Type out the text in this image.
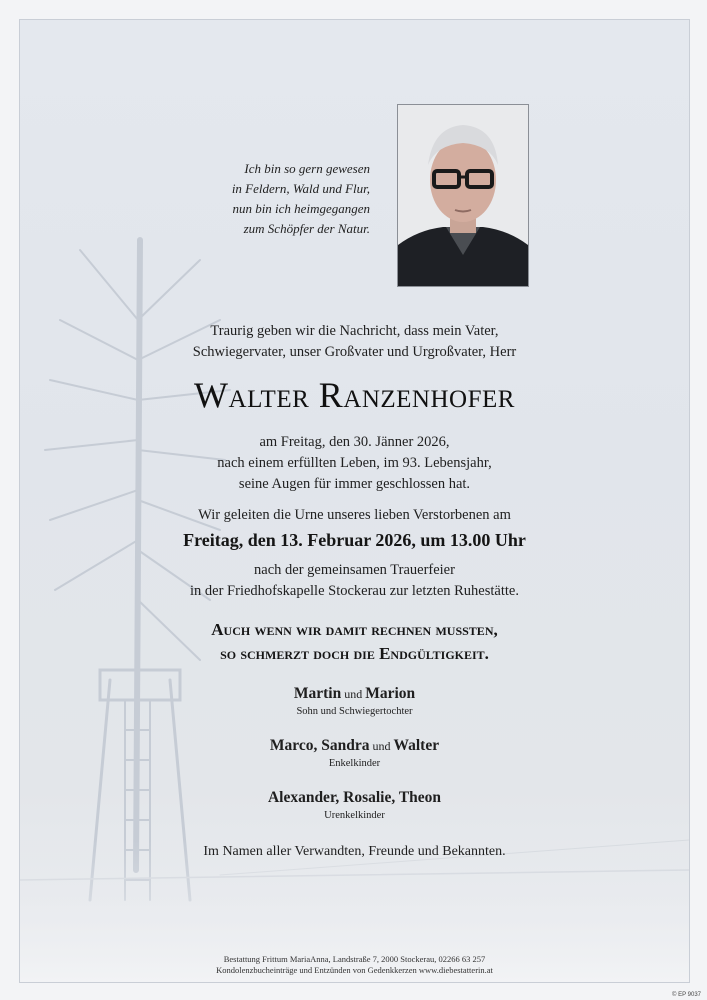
Ich bin so gern gewesen
in Feldern, Wald und Flur,
nun bin ich heimgegangen
zum Schöpfer der Natur.
Traurig geben wir die Nachricht, dass mein Vater,
Schwiegervater, unser Großvater und Urgroßvater, Herr
Walter Ranzenhofer
am Freitag, den 30. Jänner 2026,
nach einem erfüllten Leben, im 93. Lebensjahr,
seine Augen für immer geschlossen hat.
Wir geleiten die Urne unseres lieben Verstorbenen am
Freitag, den 13. Februar 2026, um 13.00 Uhr
nach der gemeinsamen Trauerfeier
in der Friedhofskapelle Stockerau zur letzten Ruhestätte.
Auch wenn wir damit rechnen mussten,
so schmerzt doch die Endgültigkeit.
Martin und Marion
Sohn und Schwiegertochter
Marco, Sandra und Walter
Enkelkinder
Alexander, Rosalie, Theon
Urenkelkinder
Im Namen aller Verwandten, Freunde und Bekannten.
Bestattung Frittum MariaAnna, Landstraße 7, 2000 Stockerau, 02266 63 257
Kondolenzbucheinträge und Entzünden von Gedenkkerzen www.diebestatterin.at
© EP 9037
